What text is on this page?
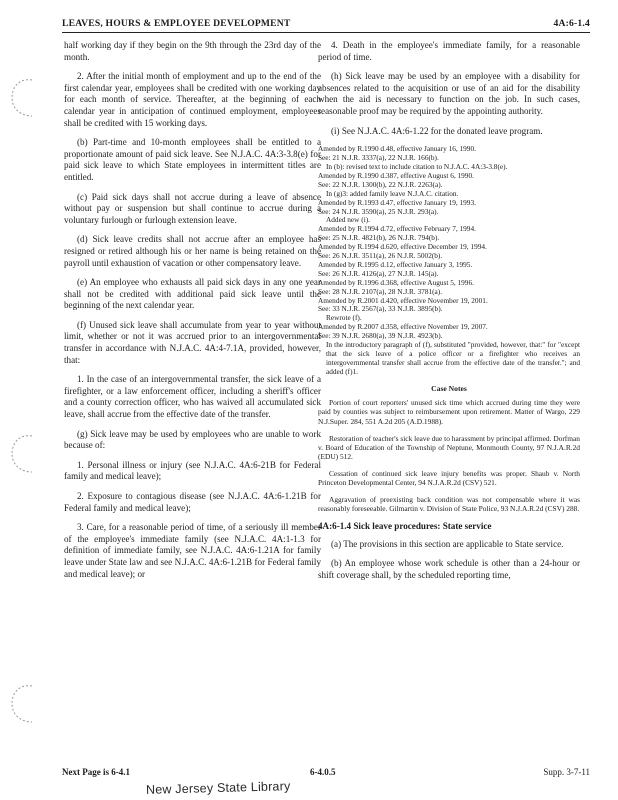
LEAVES, HOURS & EMPLOYEE DEVELOPMENT	4A:6-1.4

half working day if they begin on the 9th through the 23rd day of the month.

2. After the initial month of employment and up to the end of the first calendar year, employees shall be credited with one working day for each month of service. Thereafter, at the beginning of each calendar year in anticipation of continued employment, employees shall be credited with 15 working days.

(b) Part-time and 10-month employees shall be entitled to a proportionate amount of paid sick leave. See N.J.A.C. 4A:3-3.8(e) for paid sick leave to which State employees in intermittent titles are entitled.

(c) Paid sick days shall not accrue during a leave of absence without pay or suspension but shall continue to accrue during a voluntary furlough or furlough extension leave.

(d) Sick leave credits shall not accrue after an employee has resigned or retired although his or her name is being retained on the payroll until exhaustion of vacation or other compensatory leave.

(e) An employee who exhausts all paid sick days in any one year shall not be credited with additional paid sick leave until the beginning of the next calendar year.

(f) Unused sick leave shall accumulate from year to year without limit, whether or not it was accrued prior to an intergovernmental transfer in accordance with N.J.A.C. 4A:4-7.1A, provided, however, that:

1. In the case of an intergovernmental transfer, the sick leave of a firefighter, or a law enforcement officer, including a sheriff's officer and a county correction officer, who has waived all accumulated sick leave, shall accrue from the effective date of the transfer.

(g) Sick leave may be used by employees who are unable to work because of:

1. Personal illness or injury (see N.J.A.C. 4A:6-21B for Federal family and medical leave);

2. Exposure to contagious disease (see N.J.A.C. 4A:6-1.21B for Federal family and medical leave);

3. Care, for a reasonable period of time, of a seriously ill member of the employee's immediate family (see N.J.A.C. 4A:1-1.3 for definition of immediate family, see N.J.A.C. 4A:6-1.21A for family leave under State law and see N.J.A.C. 4A:6-1.21B for Federal family and medical leave); or

4. Death in the employee's immediate family, for a reasonable period of time.

(h) Sick leave may be used by an employee with a disability for absences related to the acquisition or use of an aid for the disability when the aid is necessary to function on the job. In such cases, reasonable proof may be required by the appointing authority.

(i) See N.J.A.C. 4A:6-1.22 for the donated leave program.

Amended by R.1990 d.48, effective January 16, 1990.
See: 21 N.J.R. 3337(a), 22 N.J.R. 166(b).
In (b): revised text to include citation to N.J.A.C. 4A:3-3.8(e).
Amended by R.1990 d.387, effective August 6, 1990.
See: 22 N.J.R. 1300(b), 22 N.J.R. 2263(a).
In (g)3: added family leave N.J.A.C. citation.
Amended by R.1993 d.47, effective January 19, 1993.
See: 24 N.J.R. 3590(a), 25 N.J.R. 293(a).
Added new (i).
Amended by R.1994 d.72, effective February 7, 1994.
See: 25 N.J.R. 4821(b), 26 N.J.R. 794(b).
Amended by R.1994 d.620, effective December 19, 1994.
See: 26 N.J.R. 3511(a), 26 N.J.R. 5002(b).
Amended by R.1995 d.12, effective January 3, 1995.
See: 26 N.J.R. 4126(a), 27 N.J.R. 145(a).
Amended by R.1996 d.368, effective August 5, 1996.
See: 28 N.J.R. 2107(a), 28 N.J.R. 3781(a).
Amended by R.2001 d.420, effective November 19, 2001.
See: 33 N.J.R. 2567(a), 33 N.J.R. 3895(b).
Rewrote (f).
Amended by R.2007 d.358, effective November 19, 2007.
See: 39 N.J.R. 2680(a), 39 N.J.R. 4923(b).
In the introductory paragraph of (f), substituted "provided, however, that:" for "except that the sick leave of a police officer or a firefighter who receives an intergovernmental transfer shall accrue from the effective date of the transfer."; and added (f)1.
Case Notes

Portion of court reporters' unused sick time which accrued during time they were paid by counties was subject to reimbursement upon retirement. Matter of Wargo, 229 N.J.Super. 284, 551 A.2d 205 (A.D.1988).

Restoration of teacher's sick leave due to harassment by principal affirmed. Dorfman v. Board of Education of the Township of Neptune, Monmouth County, 97 N.J.A.R.2d (EDU) 512.

Cessation of continued sick leave injury benefits was proper. Shaub v. North Princeton Developmental Center, 94 N.J.A.R.2d (CSV) 521.

Aggravation of preexisting back condition was not compensable where it was reasonably foreseeable. Gilmartin v. Division of State Police, 93 N.J.A.R.2d (CSV) 288.

4A:6-1.4 Sick leave procedures: State service

(a) The provisions in this section are applicable to State service.

(b) An employee whose work schedule is other than a 24-hour or shift coverage shall, by the scheduled reporting time,

Next Page is 6-4.1	6-4.0.5	Supp. 3-7-11
New Jersey State Library
